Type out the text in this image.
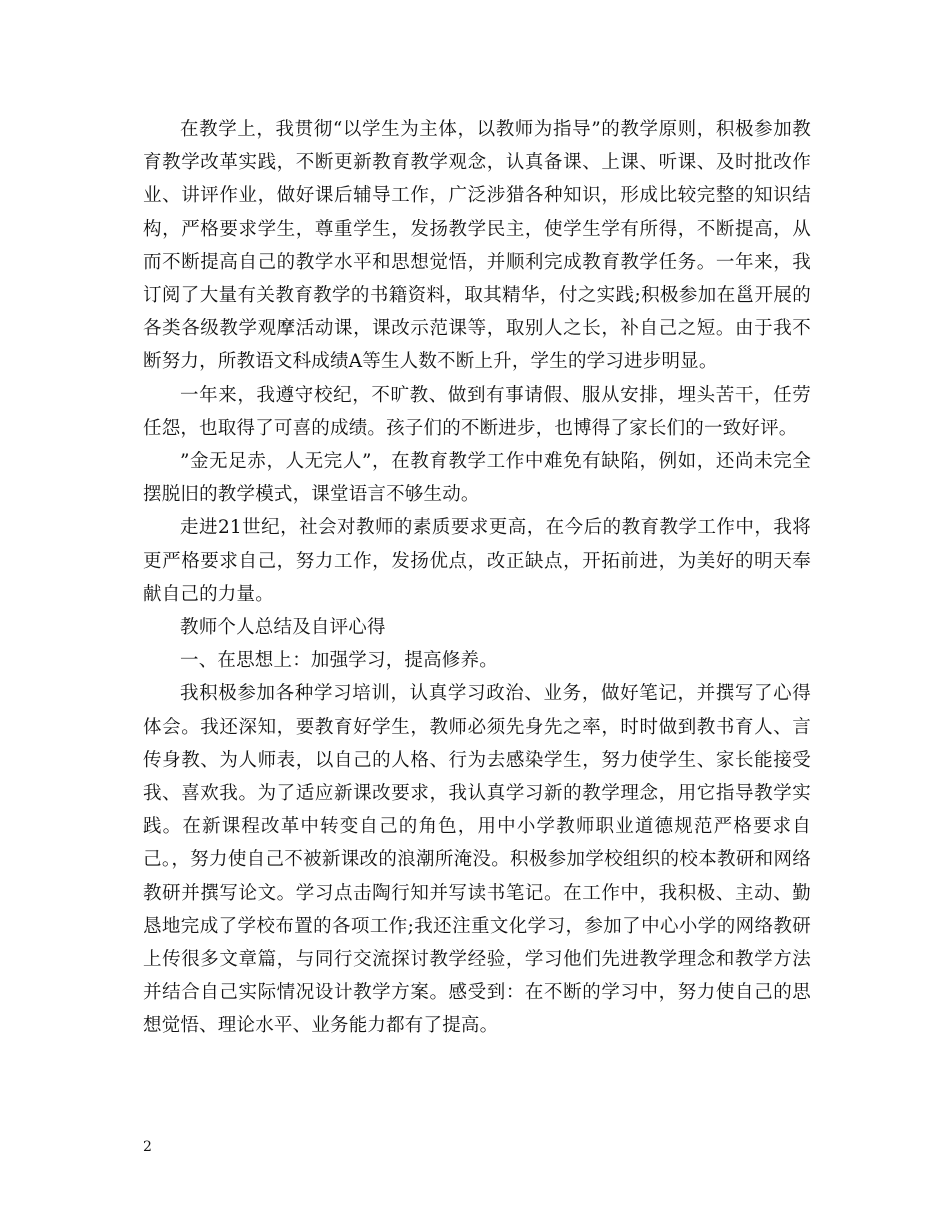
在教学上，我贯彻“以学生为主体，以教师为指导”的教学原则，积极参加教育教学改革实践，不断更新教育教学观念，认真备课、上课、听课、及时批改作业、讲评作业，做好课后辅导工作，广泛涉猎各种知识，形成比较完整的知识结构，严格要求学生，尊重学生，发扬教学民主，使学生学有所得，不断提高，从而不断提高自己的教学水平和思想觉悟，并顺利完成教育教学任务。一年来，我订阅了大量有关教育教学的书籍资料，取其精华，付之实践;积极参加在邕开展的各类各级教学观摩活动课，课改示范课等，取别人之长，补自己之短。由于我不断努力，所教语文科成绩A等生人数不断上升，学生的学习进步明显。

一年来，我遵守校纪，不旷教、做到有事请假、服从安排，埋头苦干，任劳任怨，也取得了可喜的成绩。孩子们的不断进步，也博得了家长们的一致好评。

”金无足赤，人无完人”，在教育教学工作中难免有缺陷，例如，还尚未完全摆脱旧的教学模式，课堂语言不够生动。

走进21世纪，社会对教师的素质要求更高，在今后的教育教学工作中，我将更严格要求自己，努力工作，发扬优点，改正缺点，开拓前进，为美好的明天奉献自己的力量。

教师个人总结及自评心得

一、在思想上：加强学习，提高修养。

我积极参加各种学习培训，认真学习政治、业务，做好笔记，并撰写了心得体会。我还深知，要教育好学生，教师必须先身先之率，时时做到教书育人、言传身教、为人师表，以自己的人格、行为去感染学生，努力使学生、家长能接受我、喜欢我。为了适应新课改要求，我认真学习新的教学理念，用它指导教学实践。在新课程改革中转变自己的角色，用中小学教师职业道德规范严格要求自己。，努力使自己不被新课改的浪潮所淹没。积极参加学校组织的校本教研和网络教研并撰写论文。学习点击陶行知并写读书笔记。在工作中，我积极、主动、勤恳地完成了学校布置的各项工作;我还注重文化学习，参加了中心小学的网络教研上传很多文章篇，与同行交流探讨教学经验，学习他们先进教学理念和教学方法并结合自己实际情况设计教学方案。感受到：在不断的学习中，努力使自己的思想觉悟、理论水平、业务能力都有了提高。

2
